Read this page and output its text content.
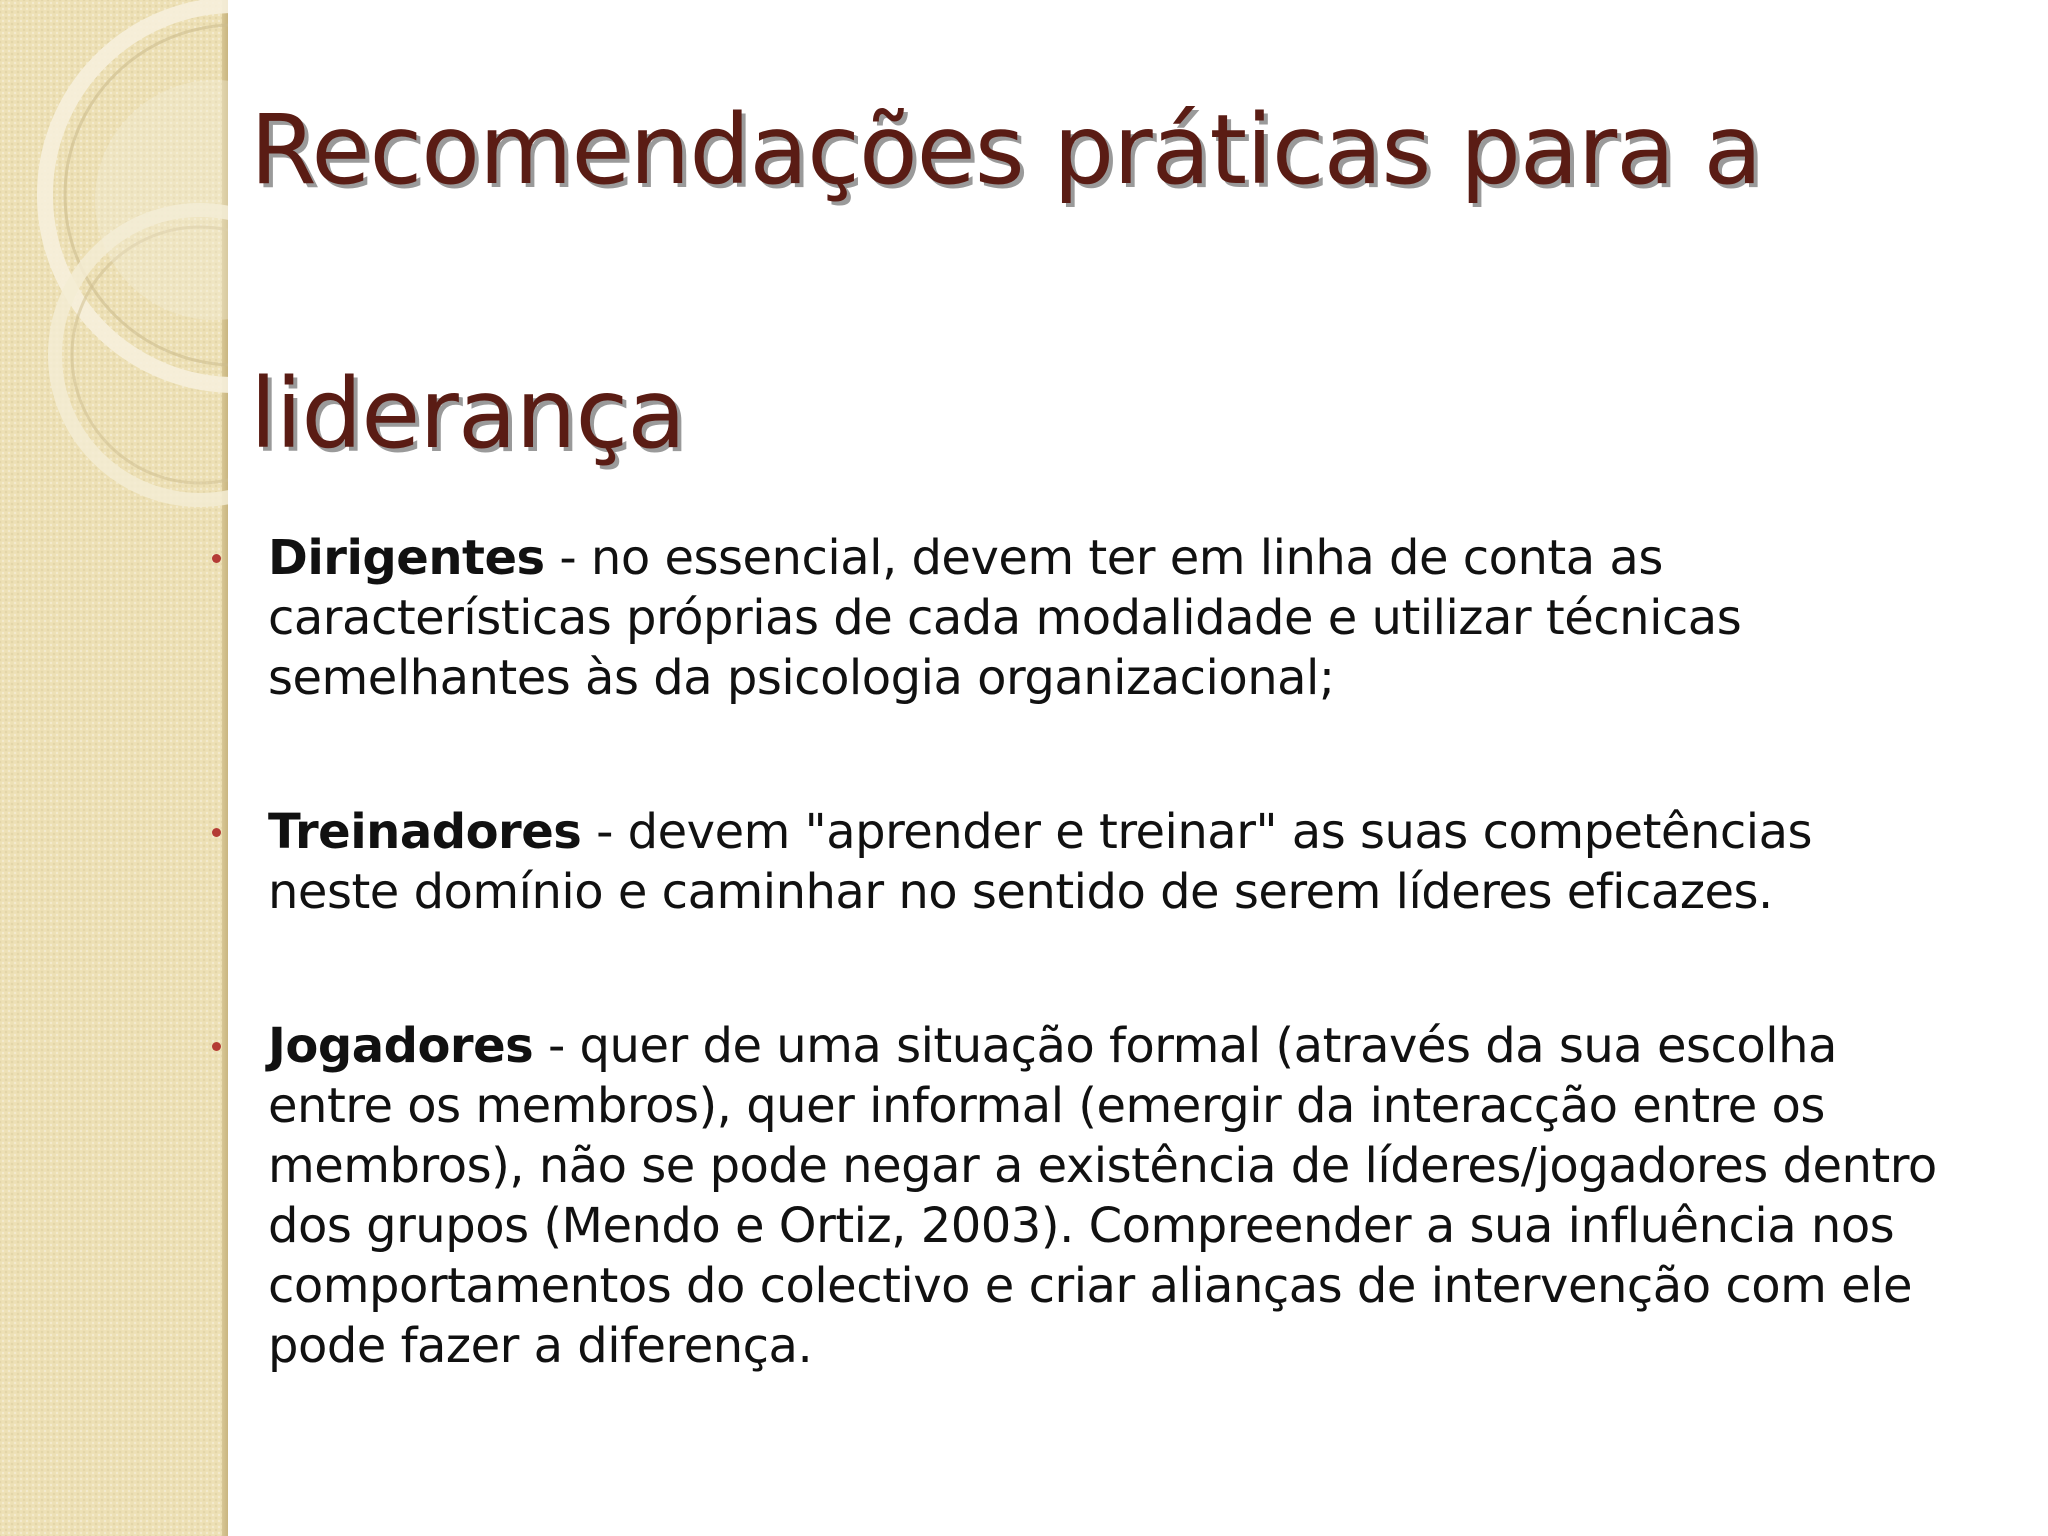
Recomendações práticas para a
liderança
Dirigentes - no essencial, devem ter em linha de conta as características próprias de cada modalidade e utilizar técnicas semelhantes às da psicologia organizacional;
Treinadores - devem "aprender e treinar" as suas competências neste domínio e caminhar no sentido de serem líderes eficazes.
Jogadores - quer de uma situação formal (através da sua escolha entre os membros), quer informal (emergir da interacção entre os membros), não se pode negar a existência de líderes/jogadores dentro dos grupos (Mendo e Ortiz, 2003). Compreender a sua influência nos comportamentos do colectivo e criar alianças de intervenção com ele pode fazer a diferença.
